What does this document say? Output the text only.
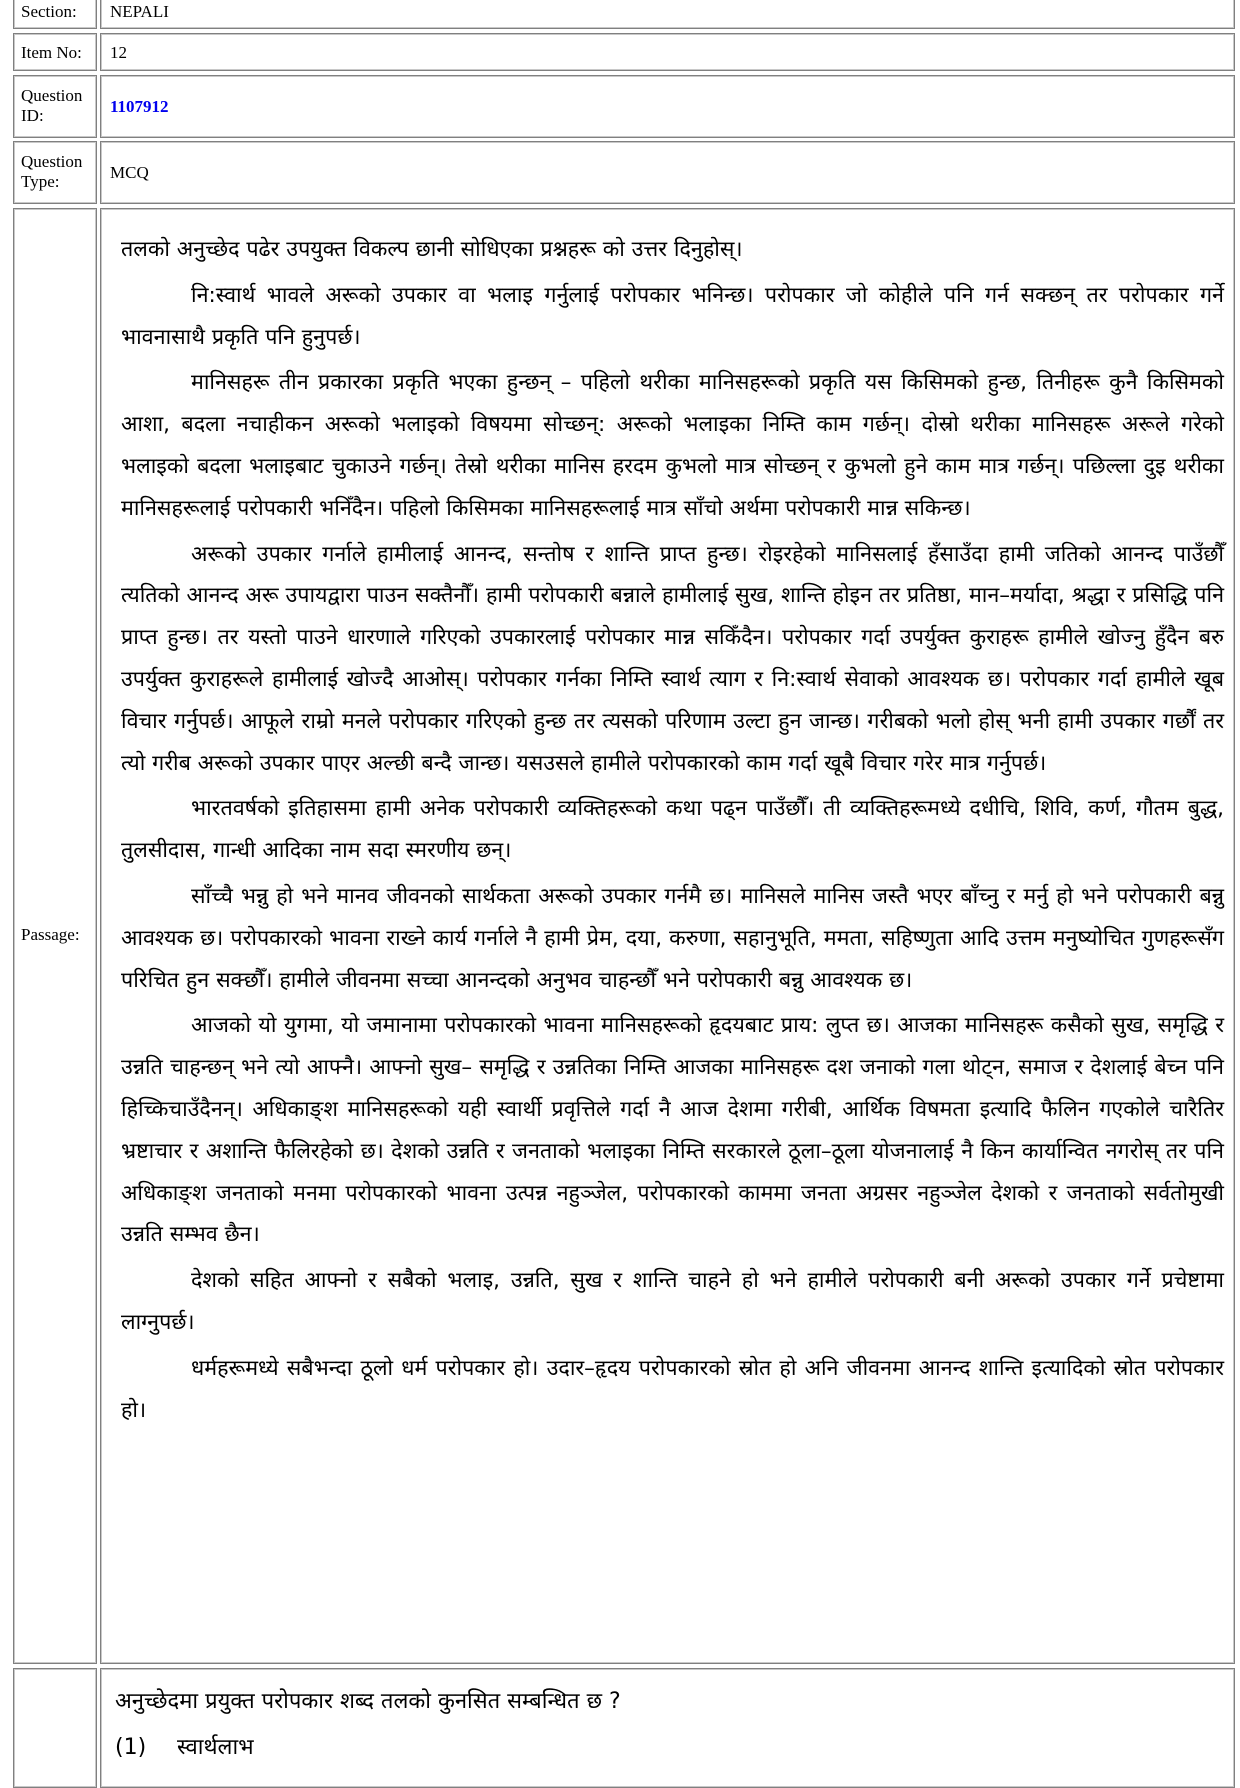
Section: NEPALI
Item No: 12
Question
ID:	1107912
Question
Type:	MCQ
Passage:

तलको अनुच्छेद पढेर उपयुक्त विकल्प छानी सोधिएका प्रश्नहरू को उत्तर दिनुहोस्।

नि:स्वार्थ भावले अरूको उपकार वा भलाइ गर्नुलाई परोपकार भनिन्छ। परोपकार जो कोहीले पनि गर्न सक्छन् तर परोपकार गर्ने भावनासाथै प्रकृति पनि हुनुपर्छ।

मानिसहरू तीन प्रकारका प्रकृति भएका हुन्छन् – पहिलो थरीका मानिसहरूको प्रकृति यस किसिमको हुन्छ, तिनीहरू कुनै किसिमको आशा, बदला नचाहीकन अरूको भलाइको विषयमा सोच्छन्: अरूको भलाइका निम्ति काम गर्छन्। दोस्रो थरीका मानिसहरू अरूले गरेको भलाइको बदला भलाइबाट चुकाउने गर्छन्। तेस्रो थरीका मानिस हरदम कुभलो मात्र सोच्छन् र कुभलो हुने काम मात्र गर्छन्। पछिल्ला दुइ थरीका मानिसहरूलाई परोपकारी भनिँदैन। पहिलो किसिमका मानिसहरूलाई मात्र साँचो अर्थमा परोपकारी मान्न सकिन्छ।

अरूको उपकार गर्नाले हामीलाई आनन्द, सन्तोष र शान्ति प्राप्त हुन्छ। रोइरहेको मानिसलाई हँसाउँदा हामी जतिको आनन्द पाउँछौँ त्यतिको आनन्द अरू उपायद्वारा पाउन सक्तैनौँ। हामी परोपकारी बन्नाले हामीलाई सुख, शान्ति होइन तर प्रतिष्ठा, मान–मर्यादा, श्रद्धा र प्रसिद्धि पनि प्राप्त हुन्छ। तर यस्तो पाउने धारणाले गरिएको उपकारलाई परोपकार मान्न सकिँदैन। परोपकार गर्दा उपर्युक्त कुराहरू हामीले खोज्नु हुँदैन बरु उपर्युक्त कुराहरूले हामीलाई खोज्दै आओस्। परोपकार गर्नका निम्ति स्वार्थ त्याग र नि:स्वार्थ सेवाको आवश्यक छ। परोपकार गर्दा हामीले खूब विचार गर्नुपर्छ। आफूले राम्रो मनले परोपकार गरिएको हुन्छ तर त्यसको परिणाम उल्टा हुन जान्छ। गरीबको भलो होस् भनी हामी उपकार गर्छौं तर त्यो गरीब अरूको उपकार पाएर अल्छी बन्दै जान्छ। यसउसले हामीले परोपकारको काम गर्दा खूबै विचार गरेर मात्र गर्नुपर्छ।

भारतवर्षको इतिहासमा हामी अनेक परोपकारी व्यक्तिहरूको कथा पढ्न पाउँछौँ। ती व्यक्तिहरूमध्ये दधीचि, शिवि, कर्ण, गौतम बुद्ध, तुलसीदास, गान्धी आदिका नाम सदा स्मरणीय छन्।

साँच्चै भन्नु हो भने मानव जीवनको सार्थकता अरूको उपकार गर्नमै छ। मानिसले मानिस जस्तै भएर बाँच्नु र मर्नु हो भने परोपकारी बन्नु आवश्यक छ। परोपकारको भावना राख्ने कार्य गर्नाले नै हामी प्रेम, दया, करुणा, सहानुभूति, ममता, सहिष्णुता आदि उत्तम मनुष्योचित गुणहरूसँग परिचित हुन सक्छौँ। हामीले जीवनमा सच्चा आनन्दको अनुभव चाहन्छौँ भने परोपकारी बन्नु आवश्यक छ।

आजको यो युगमा, यो जमानामा परोपकारको भावना मानिसहरूको हृदयबाट प्राय: लुप्त छ। आजका मानिसहरू कसैको सुख, समृद्धि र उन्नति चाहन्छन् भने त्यो आफ्नै। आफ्नो सुख– समृद्धि र उन्नतिका निम्ति आजका मानिसहरू दश जनाको गला थोट्न, समाज र देशलाई बेच्न पनि हिच्किचाउँदैनन्। अधिकाङ्श मानिसहरूको यही स्वार्थी प्रवृत्तिले गर्दा नै आज देशमा गरीबी, आर्थिक विषमता इत्यादि फैलिन गएकोले चारैतिर भ्रष्टाचार र अशान्ति फैलिरहेको छ। देशको उन्नति र जनताको भलाइका निम्ति सरकारले ठूला–ठूला योजनालाई नै किन कार्यान्वित नगरोस् तर पनि अधिकाङ्श जनताको मनमा परोपकारको भावना उत्पन्न नहुञ्जेल, परोपकारको काममा जनता अग्रसर नहुञ्जेल देशको र जनताको सर्वतोमुखी उन्नति सम्भव छैन।

देशको सहित आफ्नो र सबैको भलाइ, उन्नति, सुख र शान्ति चाहने हो भने हामीले परोपकारी बनी अरूको उपकार गर्ने प्रचेष्टामा लाग्नुपर्छ।

धर्महरूमध्ये सबैभन्दा ठूलो धर्म परोपकार हो। उदार–हृदय परोपकारको स्रोत हो अनि जीवनमा आनन्द शान्ति इत्यादिको स्रोत परोपकार हो।

अनुच्छेदमा प्रयुक्त परोपकार शब्द तलको कुनसित सम्बन्धित छ ?
(1) स्वार्थलाभ
